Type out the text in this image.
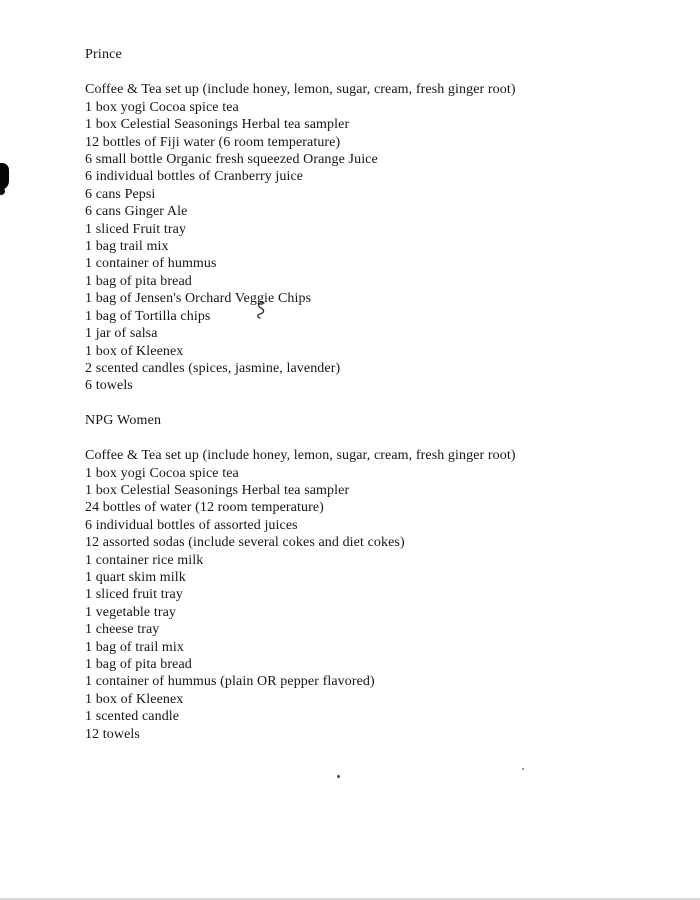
Prince
Coffee & Tea set up (include honey, lemon, sugar, cream, fresh ginger root)
1 box yogi Cocoa spice tea
1 box Celestial Seasonings Herbal tea sampler
12 bottles of Fiji water (6 room temperature)
6 small bottle Organic fresh squeezed Orange Juice
6 individual bottles of Cranberry juice
6 cans Pepsi
6 cans Ginger Ale
1 sliced Fruit tray
1 bag trail mix
1 container of hummus
1 bag of pita bread
1 bag of Jensen's Orchard Veggie Chips
1 bag of Tortilla chips
1 jar of salsa
1 box of Kleenex
2 scented candles (spices, jasmine, lavender)
6 towels
NPG Women
Coffee & Tea set up (include honey, lemon, sugar, cream, fresh ginger root)
1 box yogi Cocoa spice tea
1 box Celestial Seasonings Herbal tea sampler
24 bottles of water (12 room temperature)
6 individual bottles of assorted juices
12 assorted sodas (include several cokes and diet cokes)
1 container rice milk
1 quart skim milk
1 sliced fruit tray
1 vegetable tray
1 cheese tray
1 bag of trail mix
1 bag of pita bread
1 container of hummus (plain OR pepper flavored)
1 box of Kleenex
1 scented candle
12 towels
